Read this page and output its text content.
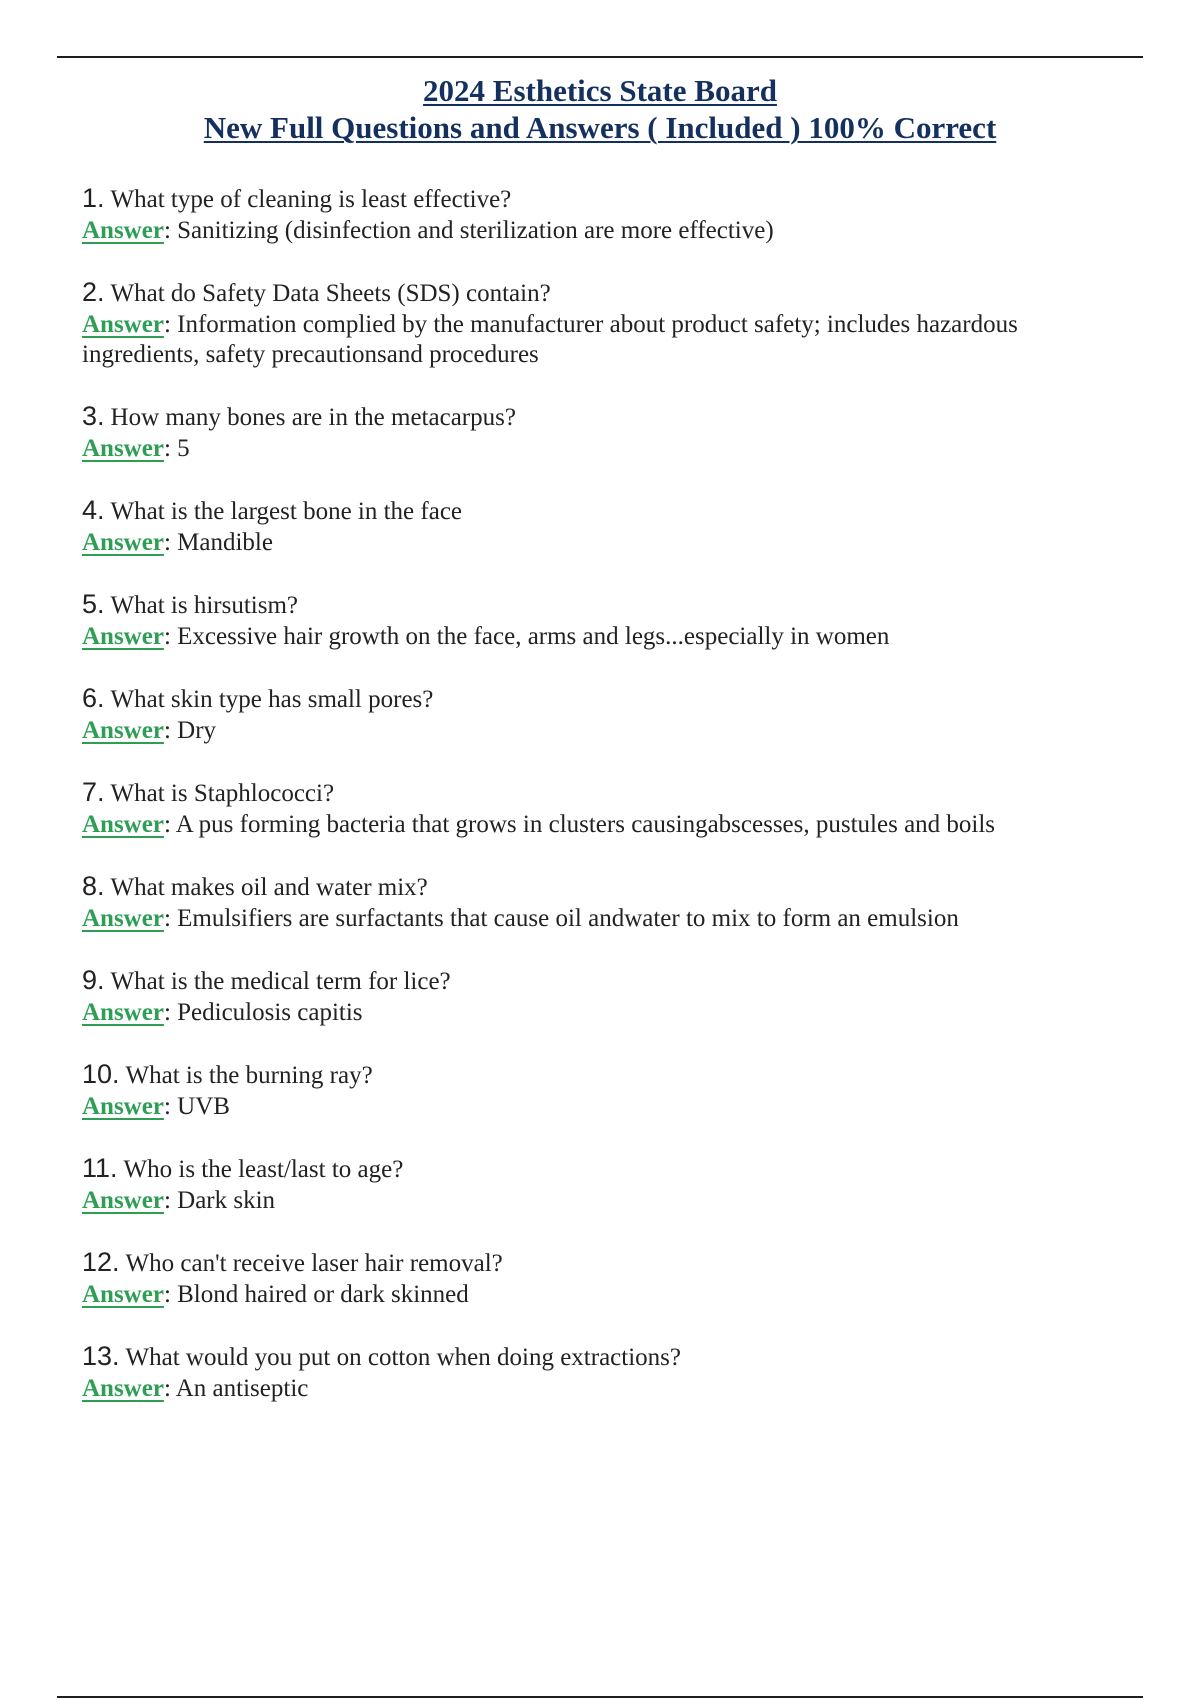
2024 Esthetics State Board
New Full Questions and Answers ( Included ) 100% Correct
1. What type of cleaning is least effective?
Answer: Sanitizing (disinfection and sterilization are more effective)
2. What do Safety Data Sheets (SDS) contain?
Answer: Information complied by the manufacturer about product safety; includes hazardous ingredients, safety precautionsand procedures
3. How many bones are in the metacarpus?
Answer: 5
4. What is the largest bone in the face
Answer: Mandible
5. What is hirsutism?
Answer: Excessive hair growth on the face, arms and legs...especially in women
6. What skin type has small pores?
Answer: Dry
7. What is Staphlococci?
Answer: A pus forming bacteria that grows in clusters causingabscesses, pustules and boils
8. What makes oil and water mix?
Answer: Emulsifiers are surfactants that cause oil andwater to mix to form an emulsion
9. What is the medical term for lice?
Answer: Pediculosis capitis
10. What is the burning ray?
Answer: UVB
11. Who is the least/last to age?
Answer: Dark skin
12. Who can't receive laser hair removal?
Answer: Blond haired or dark skinned
13. What would you put on cotton when doing extractions?
Answer: An antiseptic
